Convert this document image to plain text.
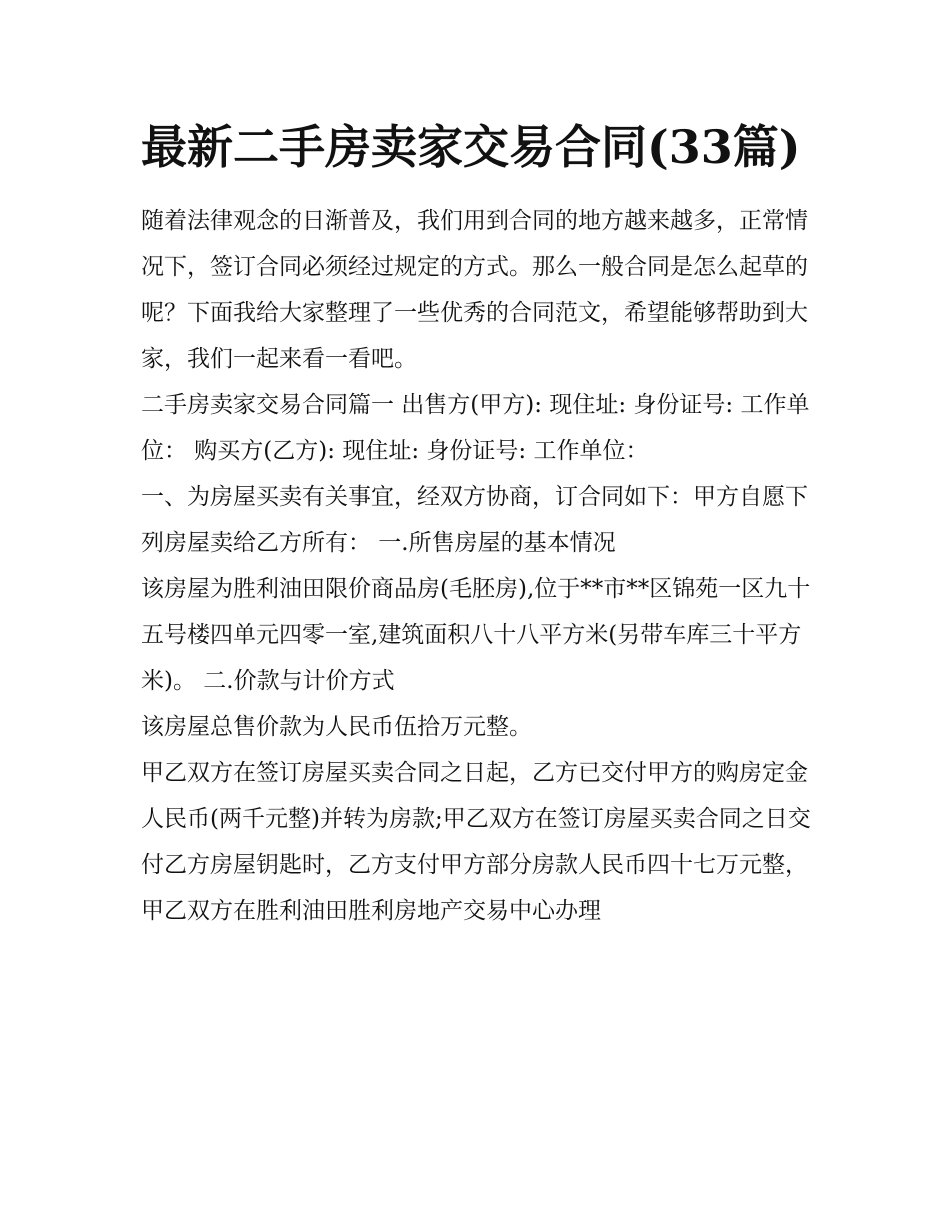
最新二手房卖家交易合同(33篇)

随着法律观念的日渐普及，我们用到合同的地方越来越多，正常情况下，签订合同必须经过规定的方式。那么一般合同是怎么起草的呢？下面我给大家整理了一些优秀的合同范文，希望能够帮助到大家，我们一起来看一看吧。

二手房卖家交易合同篇一 出售方(甲方): 现住址: 身份证号: 工作单位： 购买方(乙方): 现住址: 身份证号: 工作单位：

一、为房屋买卖有关事宜，经双方协商，订合同如下：甲方自愿下列房屋卖给乙方所有： 一.所售房屋的基本情况

该房屋为胜利油田限价商品房(毛胚房),位于**市**区锦苑一区九十五号楼四单元四零一室,建筑面积八十八平方米(另带车库三十平方米)。 二.价款与计价方式

该房屋总售价款为人民币伍拾万元整。

甲乙双方在签订房屋买卖合同之日起，乙方已交付甲方的购房定金人民币(两千元整)并转为房款;甲乙双方在签订房屋买卖合同之日交付乙方房屋钥匙时，乙方支付甲方部分房款人民币四十七万元整，甲乙双方在胜利油田胜利房地产交易中心办理
